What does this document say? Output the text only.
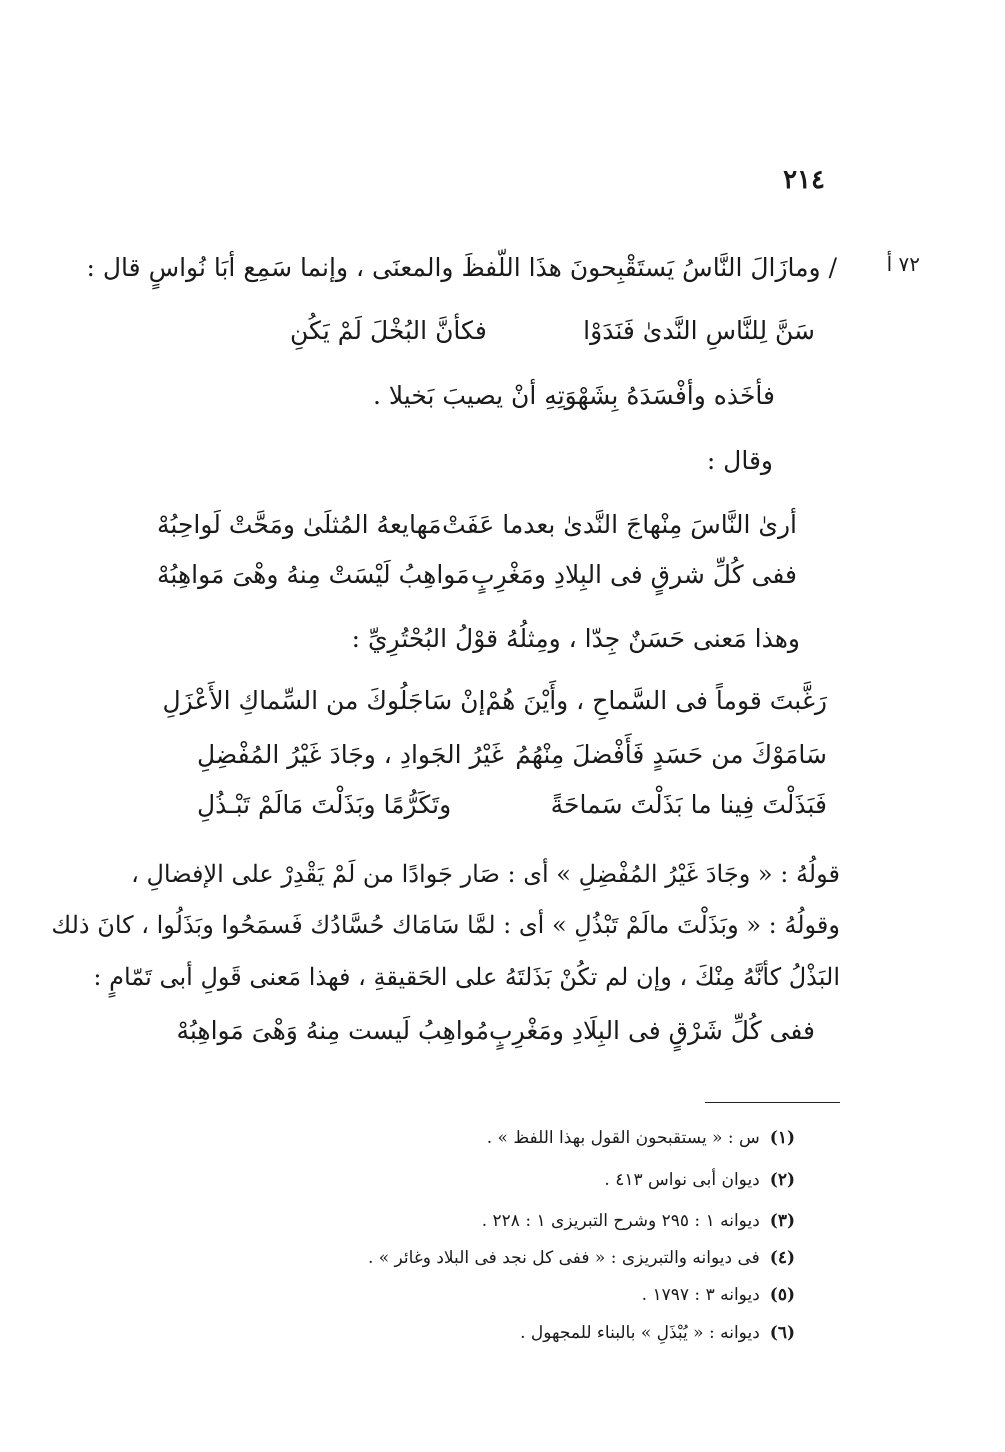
٢١٤
٧٢ أ
/ ومازَالَ النَّاسُ يَستَقْبِحونَ هذَا اللّفظَ والمعنَى ، وإنما سَمِع أبَا نُواسٍ قال :
سَنَّ لِلنَّاسِ النَّدىٰ فَنَدَوْا
فكأنَّ البُخْلَ لَمْ يَكُنِ
فأخَذه وأفْسَدَهُ بِشَهْوَتِهِ أنْ يصيبَ بَخيلا .
وقال :
أرىٰ النَّاسَ مِنْهاجَ النَّدىٰ بعدما عَفَتْ
مَهايعهُ المُثلَىٰ ومَحَّتْ لَواحِبُهْ
ففى كُلِّ شرقٍ فى البِلادِ ومَغْرِبٍ
مَواهِبُ لَيْسَتْ مِنهُ وهْىَ مَواهِبُهْ
وهذا مَعنى حَسَنٌ جِدّا ، ومِثلُهُ قوْلُ البُحْتُرِيِّ :
رَغَّبتَ قوماً فى السَّماحِ ، وأَيْنَ هُمْ
إنْ سَاجَلُوكَ من السِّماكِ الأَعْزَلِ
سَامَوْكَ من حَسَدٍ فَأَفْضلَ مِنْهُمُ
غَيْرُ الجَوادِ ، وجَادَ غَيْرُ المُفْضِلِ
فَبَذَلْتَ فِينا ما بَذَلْتَ سَماحَةً
وتَكَرُّمًا وبَذَلْتَ مَالَمْ تَبْـذُلِ
قولُهُ : « وجَادَ غَيْرُ المُفْضِلِ » أى : صَار جَوادًا من لَمْ يَقْدِرْ على الإفضالِ ،
وقولُهُ : « وبَذَلْتَ مالَمْ تَبْذُلِ » أى : لمَّا سَامَاك حُسَّادُك فَسمَحُوا وبَذَلُوا ، كانَ ذلك
البَذْلُ كأنَّهُ مِنْكَ ، وإن لم تكُنْ بَذَلتَهُ على الحَقيقةِ ، فهذا مَعنى قَولِ أبى تَمّامٍ :
ففى كُلِّ شَرْقٍ فى البِلَادِ ومَغْرِبٍ
مُواهِبُ لَيست مِنهُ وَهْىَ مَواهِبُهْ
(١)س : « يستقبحون القول بهذا اللفظ » .
(٢)ديوان أبى نواس ٤١٣ .
(٣)ديوانه ١ : ٢٩٥ وشرح التبريزى ١ : ٢٢٨ .
(٤)فى ديوانه والتبريزى : « ففى كل نجد فى البلاد وغائر » .
(٥)ديوانه ٣ : ١٧٩٧ .
(٦)ديوانه : « يُبْذَلِ » بالبناء للمجهول .
